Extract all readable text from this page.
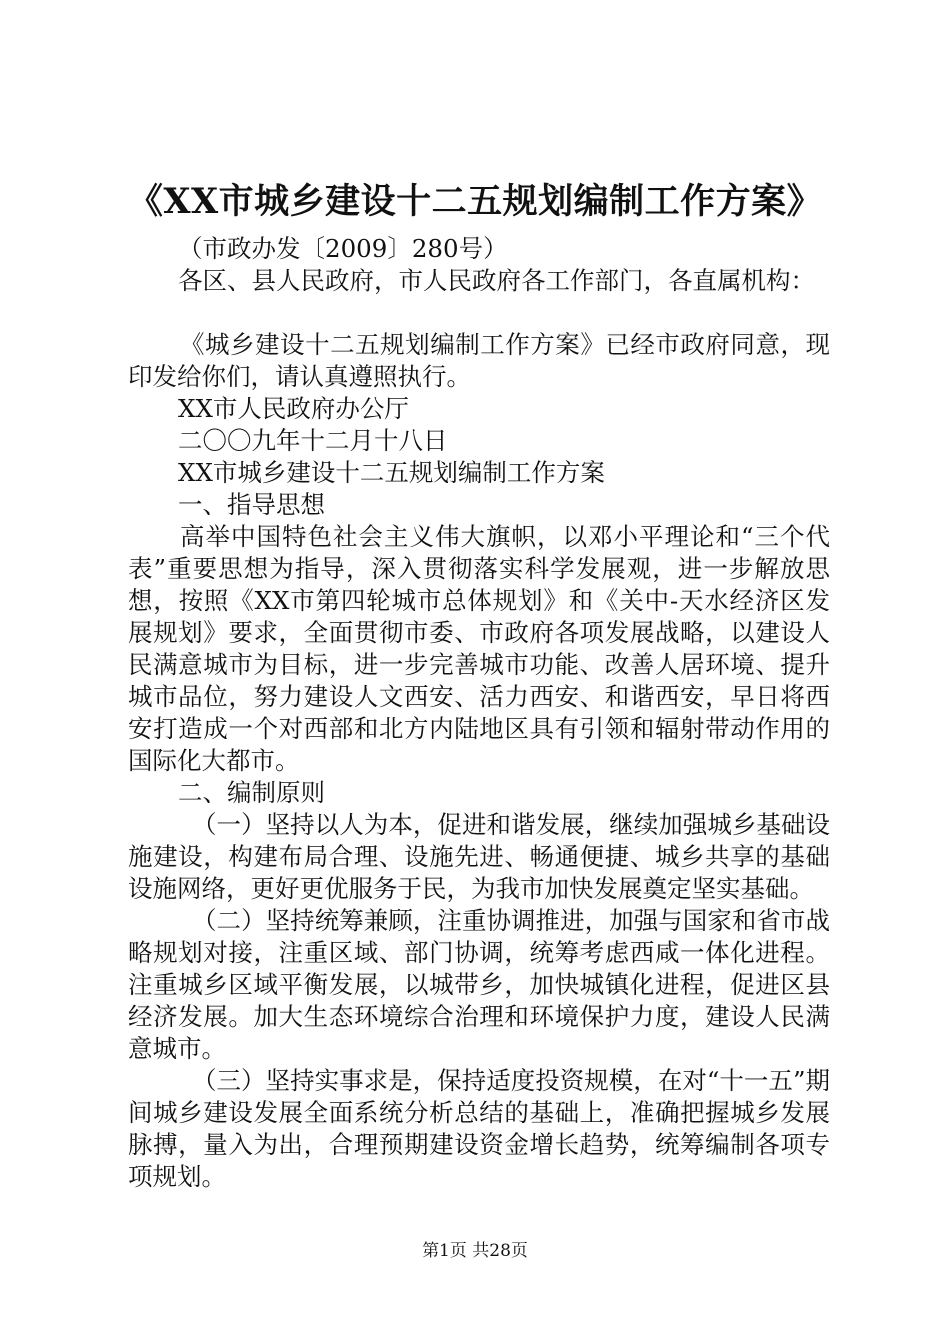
《XX市城乡建设十二五规划编制工作方案》

（市政办发〔2009〕280号）

各区、县人民政府，市人民政府各工作部门，各直属机构：

《城乡建设十二五规划编制工作方案》已经市政府同意，现印发给你们，请认真遵照执行。

XX市人民政府办公厅

二〇〇九年十二月十八日

XX市城乡建设十二五规划编制工作方案

一、指导思想

高举中国特色社会主义伟大旗帜，以邓小平理论和“三个代表”重要思想为指导，深入贯彻落实科学发展观，进一步解放思想，按照《XX市第四轮城市总体规划》和《关中-天水经济区发展规划》要求，全面贯彻市委、市政府各项发展战略，以建设人民满意城市为目标，进一步完善城市功能、改善人居环境、提升城市品位，努力建设人文西安、活力西安、和谐西安，早日将西安打造成一个对西部和北方内陆地区具有引领和辐射带动作用的国际化大都市。

二、编制原则

（一）坚持以人为本，促进和谐发展，继续加强城乡基础设施建设，构建布局合理、设施先进、畅通便捷、城乡共享的基础设施网络，更好更优服务于民，为我市加快发展奠定坚实基础。

（二）坚持统筹兼顾，注重协调推进，加强与国家和省市战略规划对接，注重区域、部门协调，统筹考虑西咸一体化进程。注重城乡区域平衡发展，以城带乡，加快城镇化进程，促进区县经济发展。加大生态环境综合治理和环境保护力度，建设人民满意城市。

（三）坚持实事求是，保持适度投资规模，在对“十一五”期间城乡建设发展全面系统分析总结的基础上，准确把握城乡发展脉搏，量入为出，合理预期建设资金增长趋势，统筹编制各项专项规划。

第1页 共28页
